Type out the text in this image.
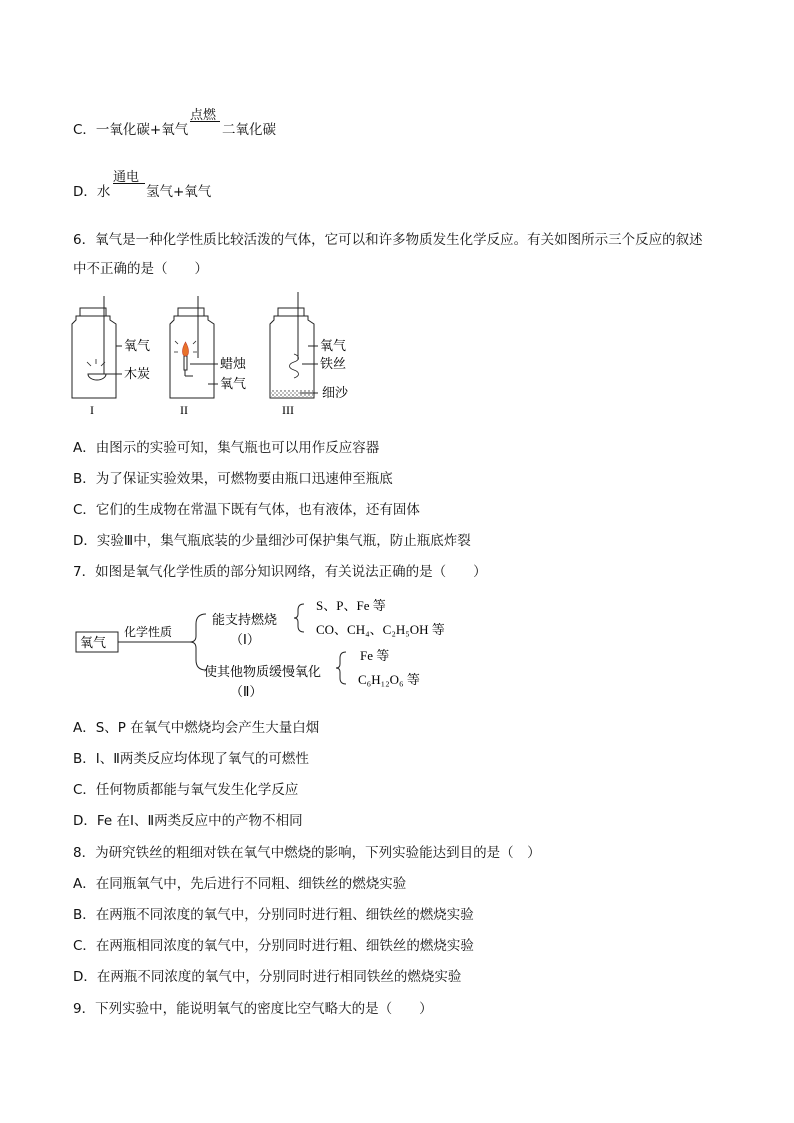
C．一氧化碳+氧气
点燃
二氧化碳
D．水
通电
氢气+氧气
6．氧气是一种化学性质比较活泼的气体，它可以和许多物质发生化学反应。有关如图所示三个反应的叙述
中不正确的是（　　）
氧气
木炭
I
蜡烛
氧气
II
氧气
铁丝
细沙
III
A．由图示的实验可知，集气瓶也可以用作反应容器
B．为了保证实验效果，可燃物要由瓶口迅速伸至瓶底
C．它们的生成物在常温下既有气体，也有液体，还有固体
D．实验Ⅲ中，集气瓶底装的少量细沙可保护集气瓶，防止瓶底炸裂
7．如图是氧气化学性质的部分知识网络，有关说法正确的是（　　）
氧气
化学性质
能支持燃烧
（Ⅰ）
S、P、Fe 等
CO、CH₄、C₂H₅OH 等
使其他物质缓慢氧化
（Ⅱ）
Fe 等
C₆H₁₂O₆ 等
A．S、P 在氧气中燃烧均会产生大量白烟
B．Ⅰ、Ⅱ两类反应均体现了氧气的可燃性
C．任何物质都能与氧气发生化学反应
D．Fe 在Ⅰ、Ⅱ两类反应中的产物不相同
8．为研究铁丝的粗细对铁在氧气中燃烧的影响，下列实验能达到目的是（　）
A．在同瓶氧气中，先后进行不同粗、细铁丝的燃烧实验
B．在两瓶不同浓度的氧气中，分别同时进行粗、细铁丝的燃烧实验
C．在两瓶相同浓度的氧气中，分别同时进行粗、细铁丝的燃烧实验
D．在两瓶不同浓度的氧气中，分别同时进行相同铁丝的燃烧实验
9．下列实验中，能说明氧气的密度比空气略大的是（　　）
